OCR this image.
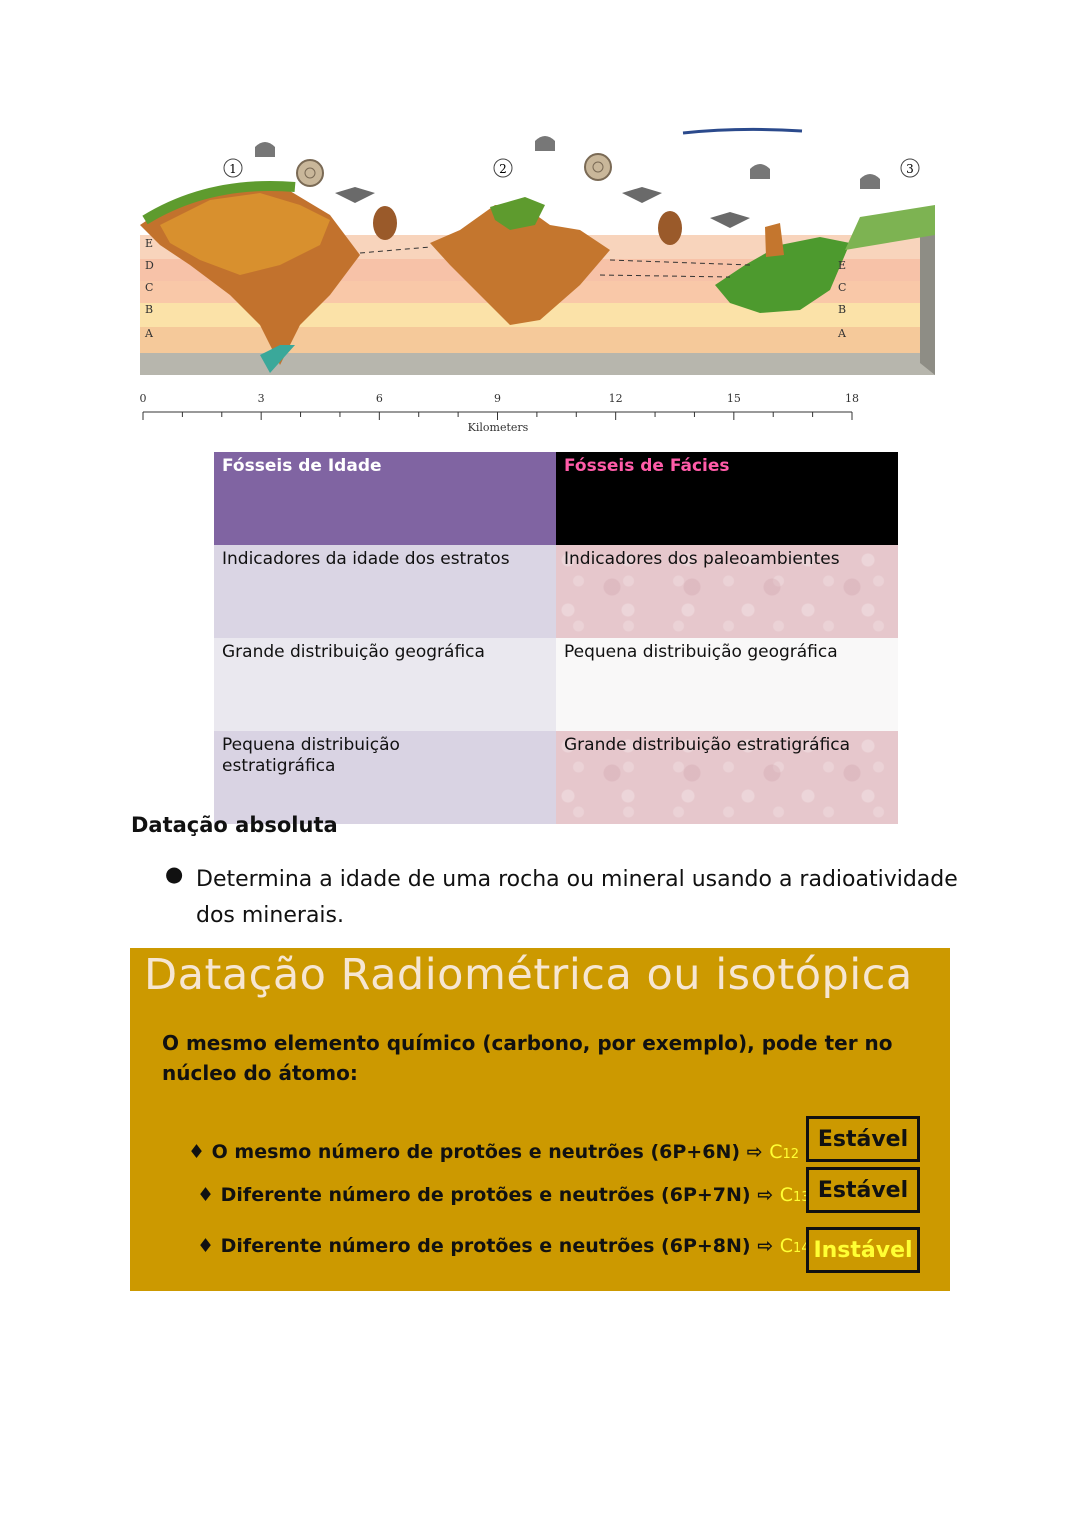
1	2	3
E
D
C
B
A
E
C
B
A
0	3	6	9	12	15	18
Kilometers
Fósseis de Idade	Fósseis de Fácies
Indicadores da idade dos estratos	Indicadores dos paleoambientes
Grande distribuição geográfica	Pequena distribuição geográfica
Pequena distribuição estratigráfica	Grande distribuição estratigráfica
Datação absoluta
● Determina a idade de uma rocha ou mineral usando a radioatividade dos minerais.
Datação Radiométrica ou isotópica
O mesmo elemento químico (carbono, por exemplo), pode ter no núcleo do átomo:
♦ O mesmo número de protões e neutrões (6P+6N) ⇨ C12
♦ Diferente número de protões e neutrões (6P+7N) ⇨ C13
♦ Diferente número de protões e neutrões (6P+8N) ⇨ C14
Estável
Estável
Instável
